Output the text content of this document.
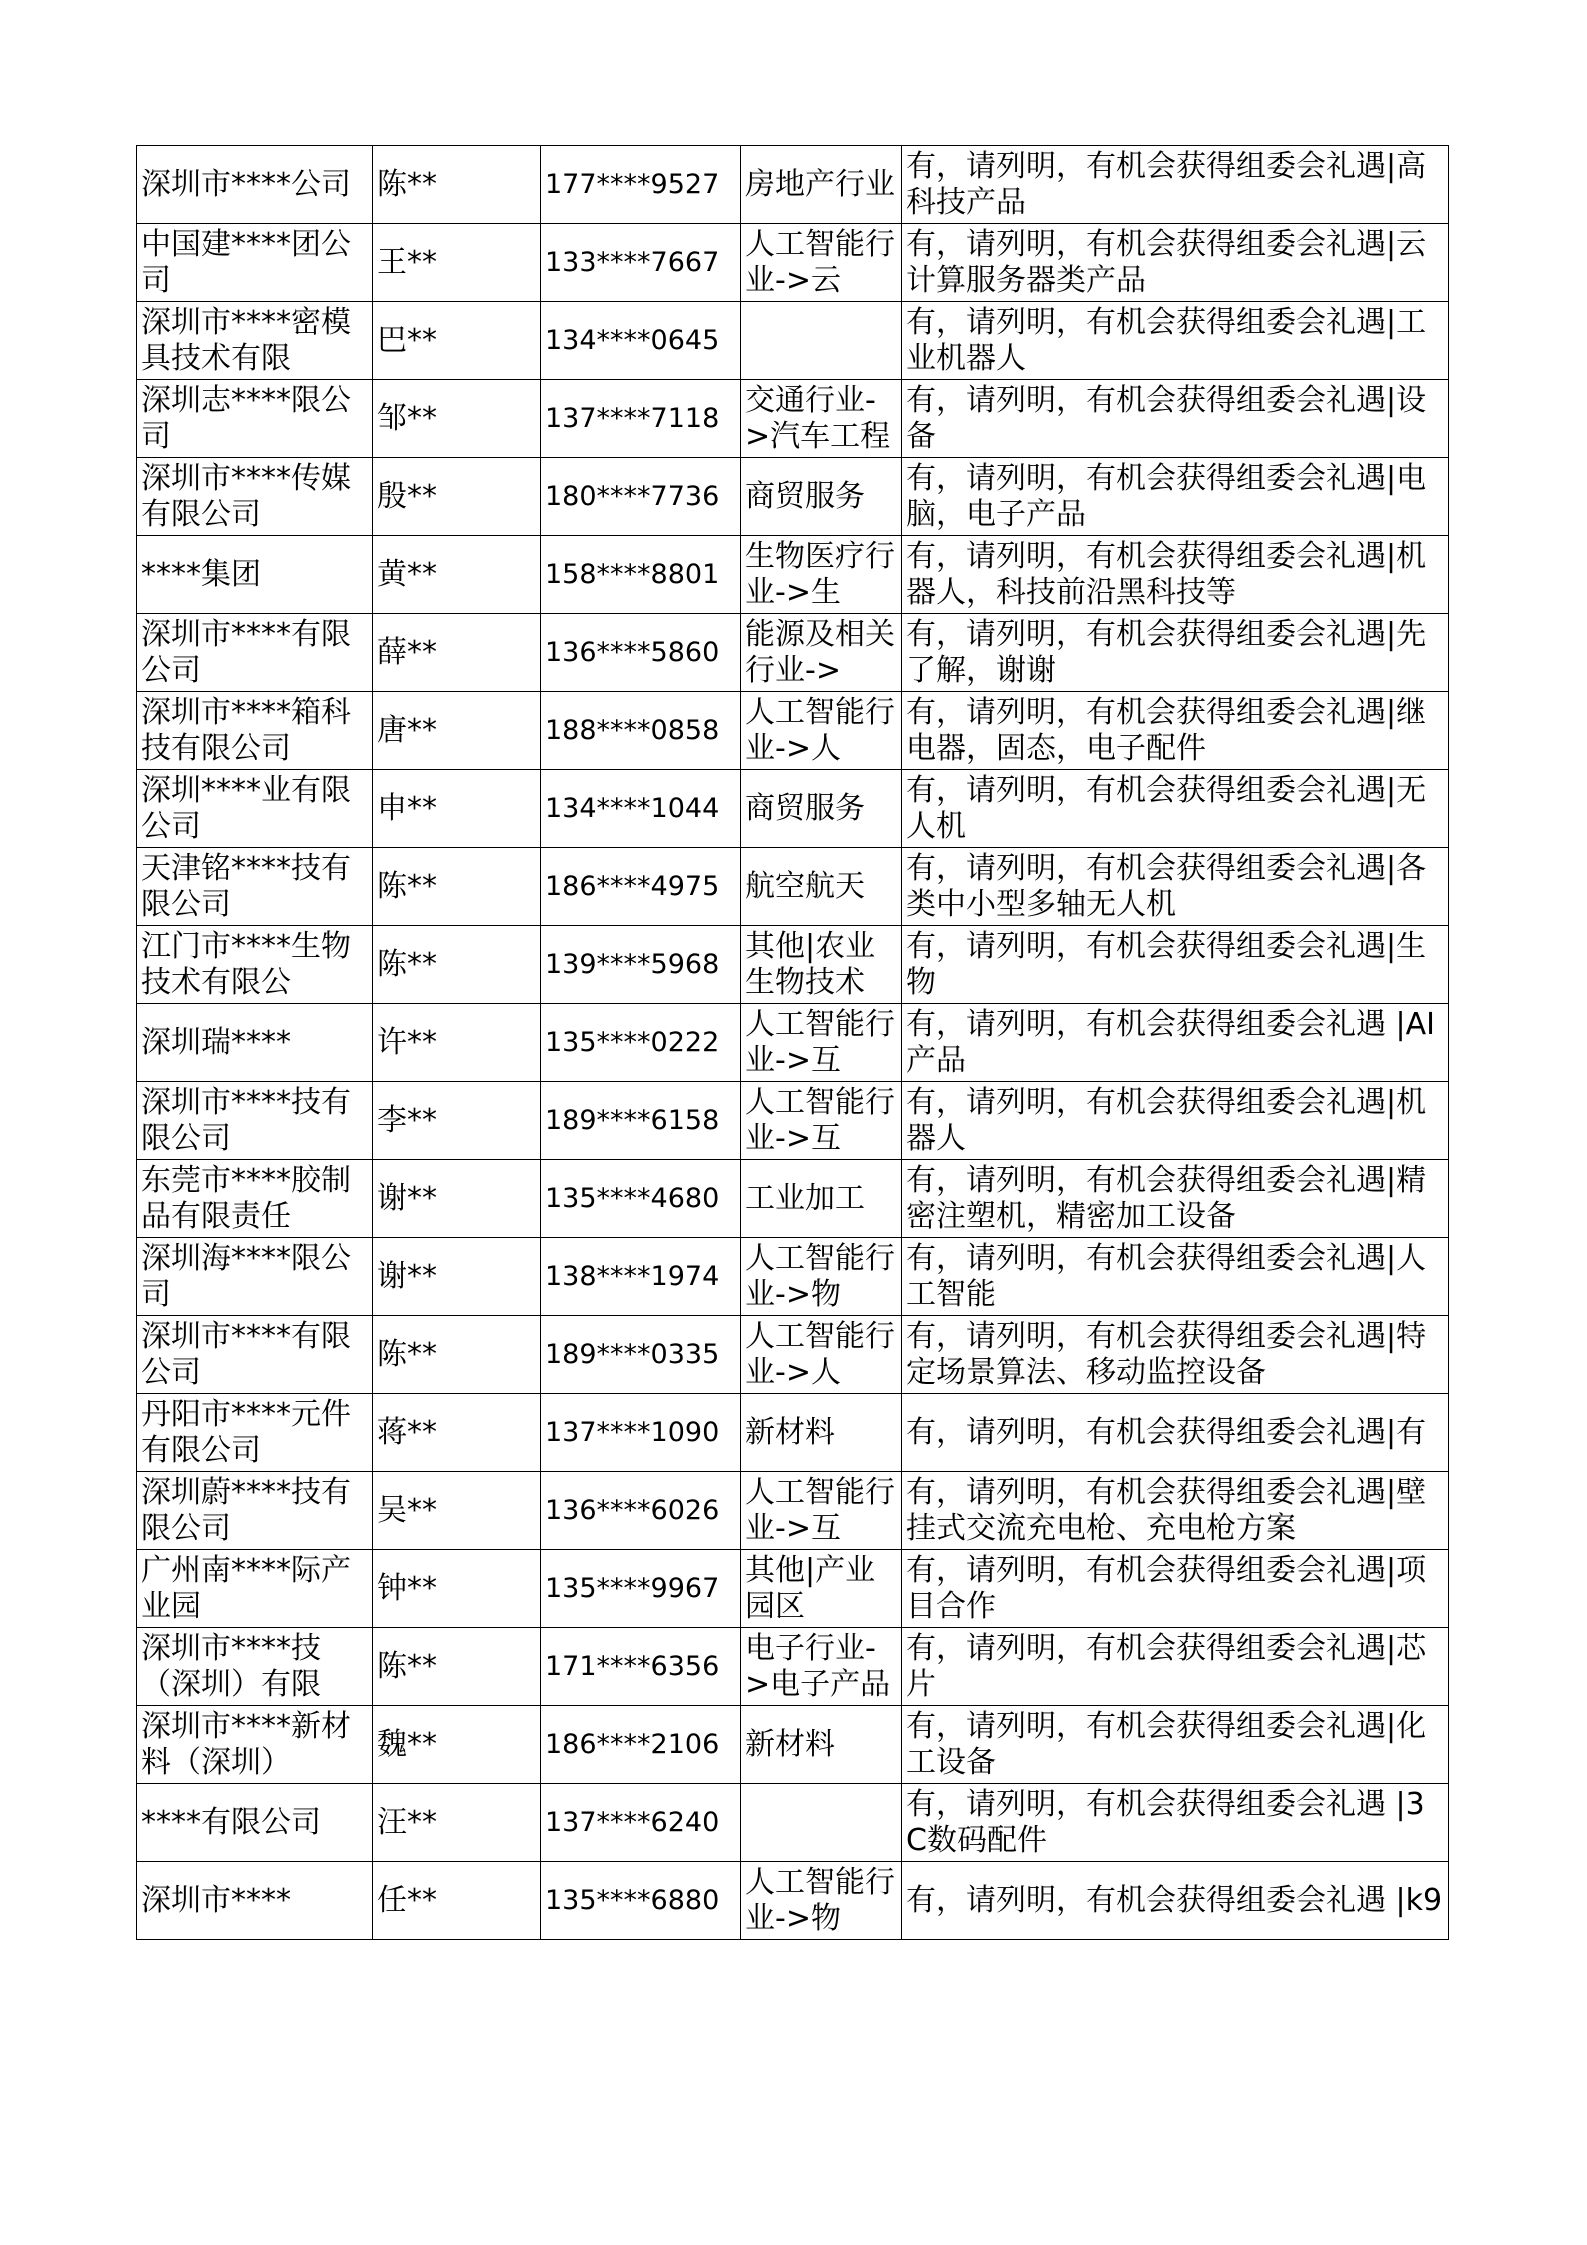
深圳市****公司	陈**	177****9527	房地产行业	有，请列明，有机会获得组委会礼遇|高科技产品

中国建****团公司	王**	133****7667	人工智能行业->云	有，请列明，有机会获得组委会礼遇|云计算服务器类产品

深圳市****密模具技术有限	巴**	134****0645		有，请列明，有机会获得组委会礼遇|工业机器人

深圳志****限公司	邹**	137****7118	交通行业->汽车工程	有，请列明，有机会获得组委会礼遇|设备

深圳市****传媒有限公司	殷**	180****7736	商贸服务	有，请列明，有机会获得组委会礼遇|电脑，电子产品

****集团	黄**	158****8801	生物医疗行业->生	有，请列明，有机会获得组委会礼遇|机器人，科技前沿黑科技等

深圳市****有限公司	薛**	136****5860	能源及相关行业->	有，请列明，有机会获得组委会礼遇|先了解，谢谢

深圳市****箱科技有限公司	唐**	188****0858	人工智能行业->人	有，请列明，有机会获得组委会礼遇|继电器，固态，电子配件

深圳****业有限公司	申**	134****1044	商贸服务	有，请列明，有机会获得组委会礼遇|无人机

天津铭****技有限公司	陈**	186****4975	航空航天	有，请列明，有机会获得组委会礼遇|各类中小型多轴无人机

江门市****生物技术有限公	陈**	139****5968	其他|农业生物技术	有，请列明，有机会获得组委会礼遇|生物

深圳瑞****	许**	135****0222	人工智能行业->互	有，请列明，有机会获得组委会礼遇 |AI产品

深圳市****技有限公司	李**	189****6158	人工智能行业->互	有，请列明，有机会获得组委会礼遇|机器人

东莞市****胶制品有限责任	谢**	135****4680	工业加工	有，请列明，有机会获得组委会礼遇|精密注塑机，精密加工设备

深圳海****限公司	谢**	138****1974	人工智能行业->物	有，请列明，有机会获得组委会礼遇|人工智能

深圳市****有限公司	陈**	189****0335	人工智能行业->人	有，请列明，有机会获得组委会礼遇|特定场景算法、移动监控设备

丹阳市****元件有限公司	蒋**	137****1090	新材料	有，请列明，有机会获得组委会礼遇|有

深圳蔚****技有限公司	吴**	136****6026	人工智能行业->互	有，请列明，有机会获得组委会礼遇|壁挂式交流充电枪、充电枪方案

广州南****际产业园	钟**	135****9967	其他|产业园区	有，请列明，有机会获得组委会礼遇|项目合作

深圳市****技（深圳）有限	陈**	171****6356	电子行业->电子产品	有，请列明，有机会获得组委会礼遇|芯片

深圳市****新材料（深圳）	魏**	186****2106	新材料	有，请列明，有机会获得组委会礼遇|化工设备

****有限公司	汪**	137****6240		有，请列明，有机会获得组委会礼遇 |3C数码配件

深圳市****	任**	135****6880	人工智能行业->物	有，请列明，有机会获得组委会礼遇 |k9
